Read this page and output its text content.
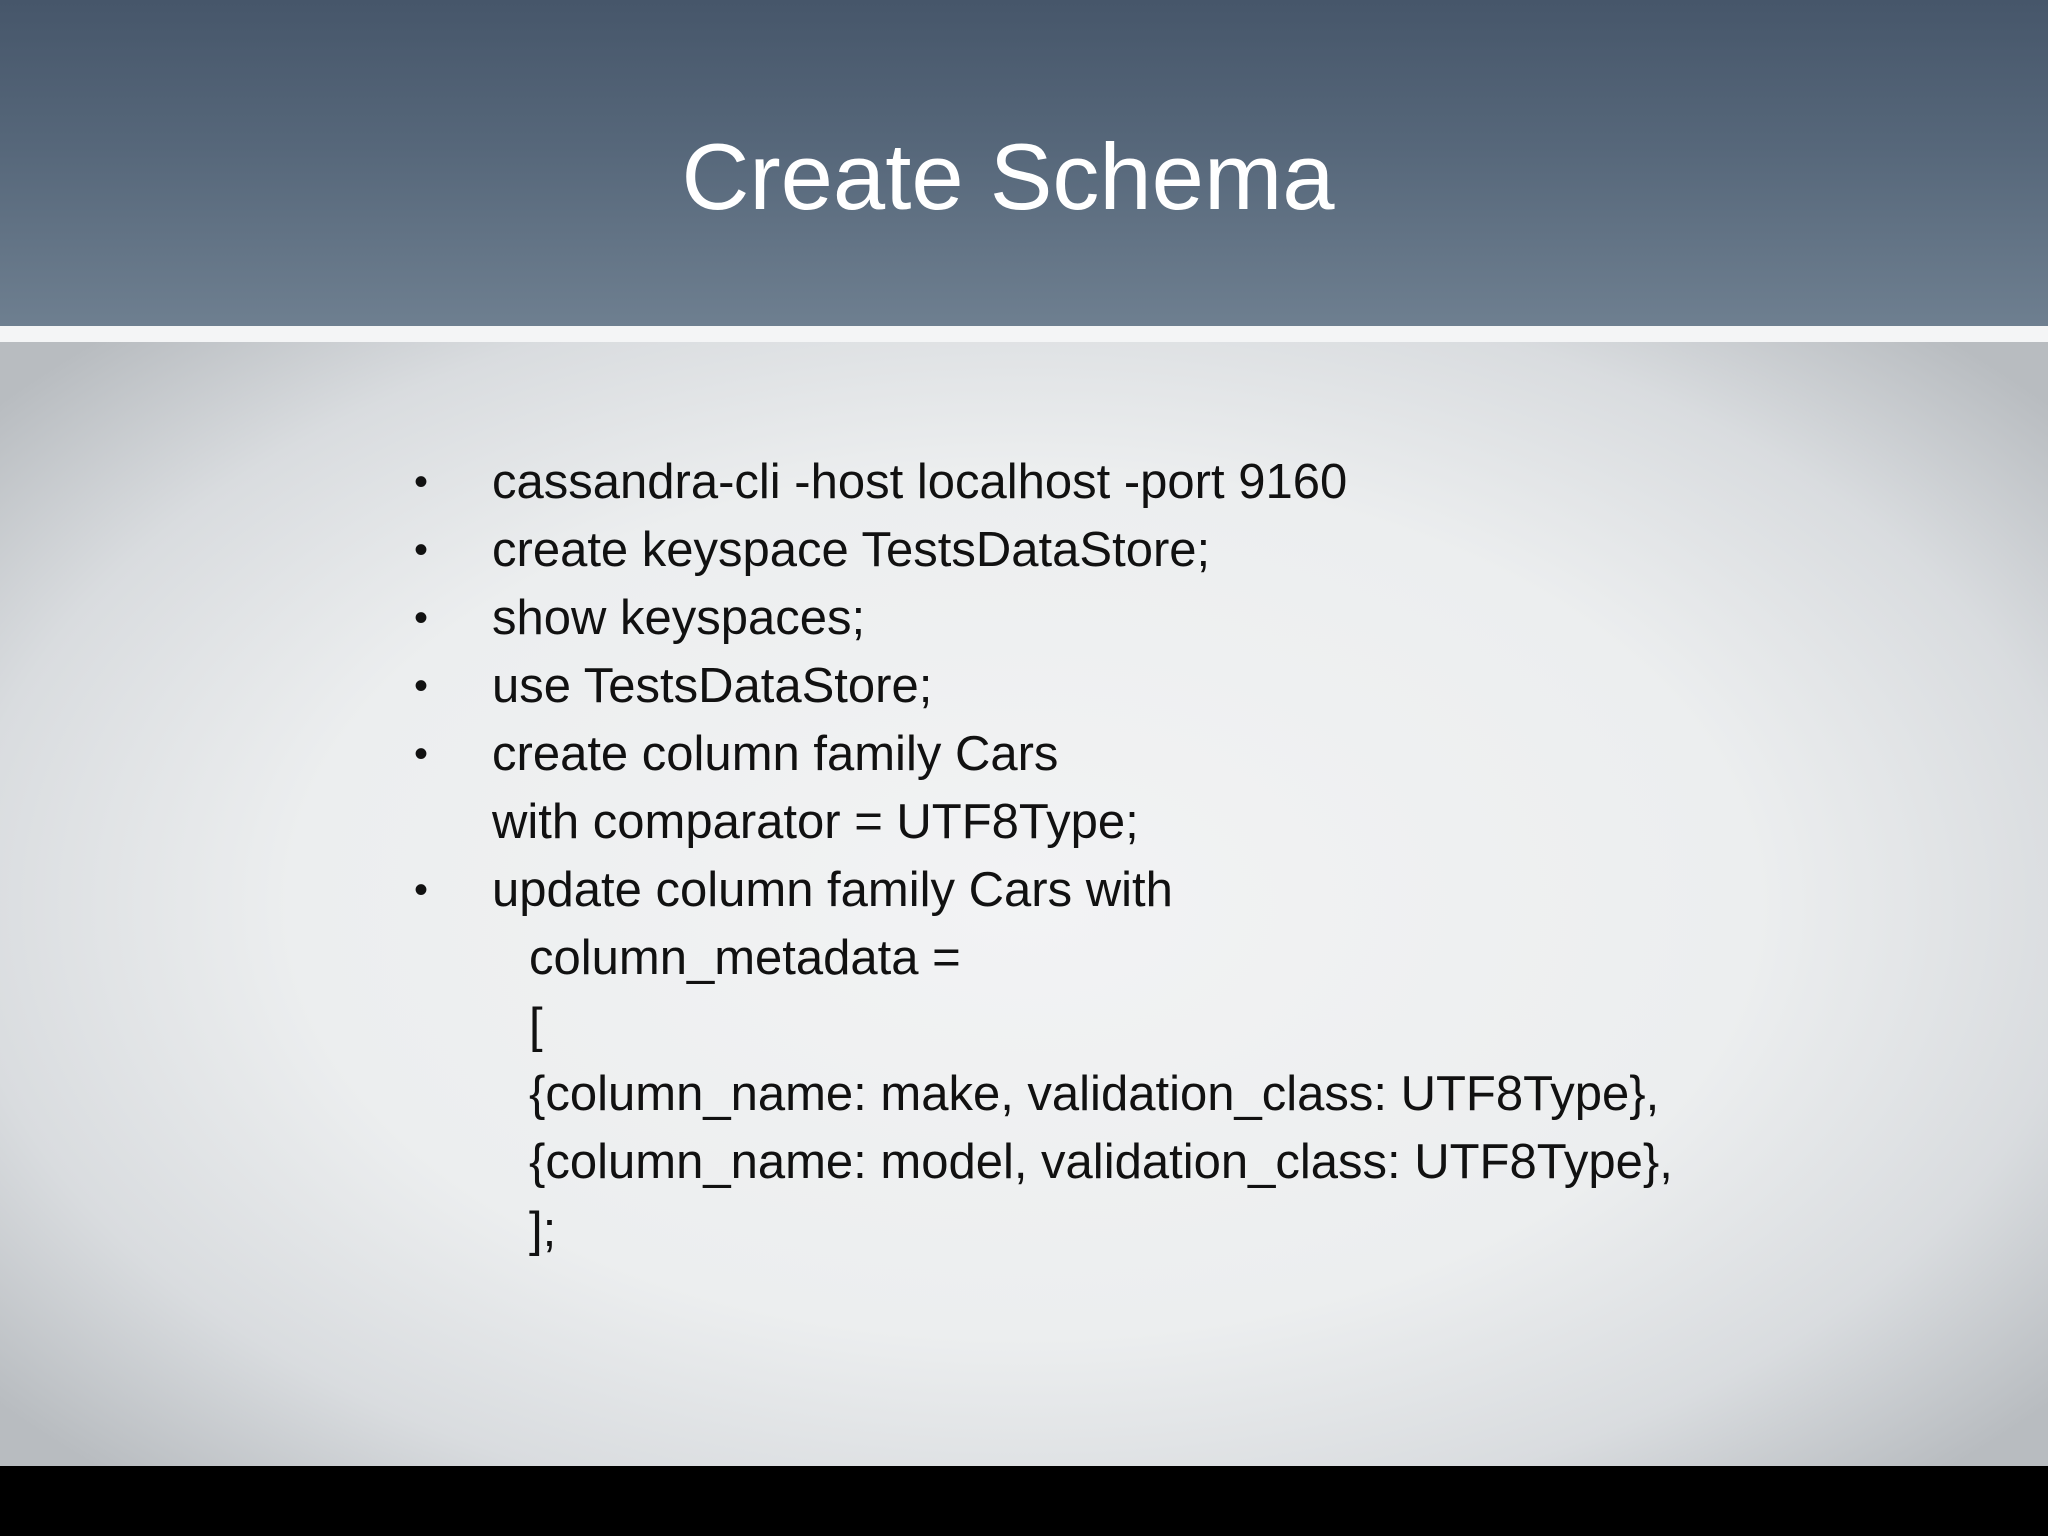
Create Schema

•

cassandra-cli -host localhost -port 9160

•

create keyspace TestsDataStore;

•

show keyspaces;

•

use TestsDataStore;

•

create column family Cars

with comparator = UTF8Type;

•

update column family Cars with

column_metadata =

[

{column_name: make, validation_class: UTF8Type},

{column_name: model, validation_class: UTF8Type},

];
